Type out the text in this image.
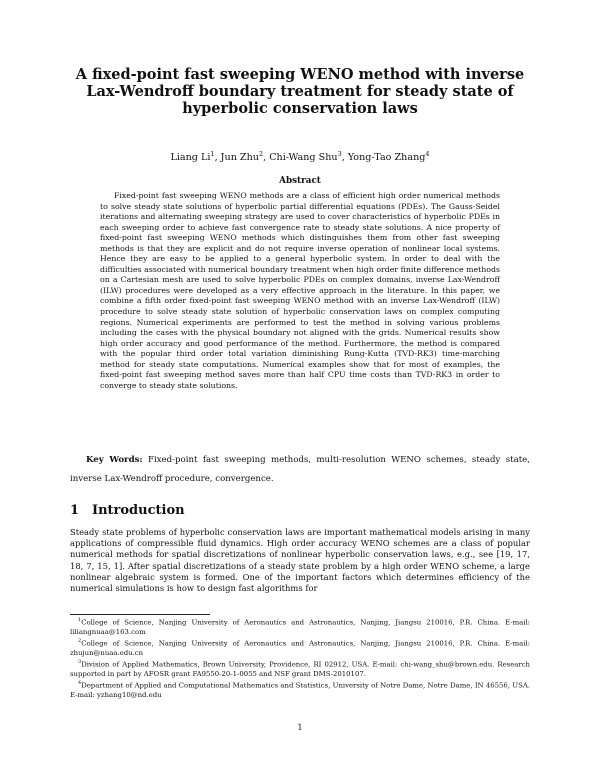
A fixed-point fast sweeping WENO method with inverse Lax-Wendroff boundary treatment for steady state of hyperbolic conservation laws
Liang Li$^1$, Jun Zhu$^2$, Chi-Wang Shu$^3$, Yong-Tao Zhang$^4$
Abstract
Fixed-point fast sweeping WENO methods are a class of efficient high order numerical methods to solve steady state solutions of hyperbolic partial differential equations (PDEs). The Gauss-Seidel iterations and alternating sweeping strategy are used to cover characteristics of hyperbolic PDEs in each sweeping order to achieve fast convergence rate to steady state solutions. A nice property of fixed-point fast sweeping WENO methods which distinguishes them from other fast sweeping methods is that they are explicit and do not require inverse operation of nonlinear local systems. Hence they are easy to be applied to a general hyperbolic system. In order to deal with the difficulties associated with numerical boundary treatment when high order finite difference methods on a Cartesian mesh are used to solve hyperbolic PDEs on complex domains, inverse Lax-Wendroff (ILW) procedures were developed as a very effective approach in the literature. In this paper, we combine a fifth order fixed-point fast sweeping WENO method with an inverse Lax-Wendroff (ILW) procedure to solve steady state solution of hyperbolic conservation laws on complex computing regions. Numerical experiments are performed to test the method in solving various problems including the cases with the physical boundary not aligned with the grids. Numerical results show high order accuracy and good performance of the method. Furthermore, the method is compared with the popular third order total variation diminishing Rung-Kutta (TVD-RK3) time-marching method for steady state computations. Numerical examples show that for most of examples, the fixed-point fast sweeping method saves more than half CPU time costs than TVD-RK3 in order to converge to steady state solutions.
Key Words: Fixed-point fast sweeping methods, multi-resolution WENO schemes, steady state, inverse Lax-Wendroff procedure, convergence.
1 Introduction
Steady state problems of hyperbolic conservation laws are important mathematical models arising in many applications of compressible fluid dynamics. High order accuracy WENO schemes are a class of popular numerical methods for spatial discretizations of nonlinear hyperbolic conservation laws, e.g., see [19, 17, 18, 7, 15, 1]. After spatial discretizations of a steady state problem by a high order WENO scheme, a large nonlinear algebraic system is formed. One of the important factors which determines efficiency of the numerical simulations is how to design fast algorithms for
$^1$College of Science, Nanjing University of Aeronautics and Astronautics, Nanjing, Jiangsu 210016, P.R. China. E-mail: liliangnuaa@163.com
$^2$College of Science, Nanjing University of Aeronautics and Astronautics, Nanjing, Jiangsu 210016, P.R. China. E-mail: zhujun@nuaa.edu.cn
$^3$Division of Applied Mathematics, Brown University, Providence, RI 02912, USA. E-mail: chi-wang_shu@brown.edu. Research supported in part by AFOSR grant FA9550-20-1-0055 and NSF grant DMS-2010107.
$^4$Department of Applied and Computational Mathematics and Statistics, University of Notre Dame, Notre Dame, IN 46556, USA. E-mail: yzhang10@nd.edu
1
